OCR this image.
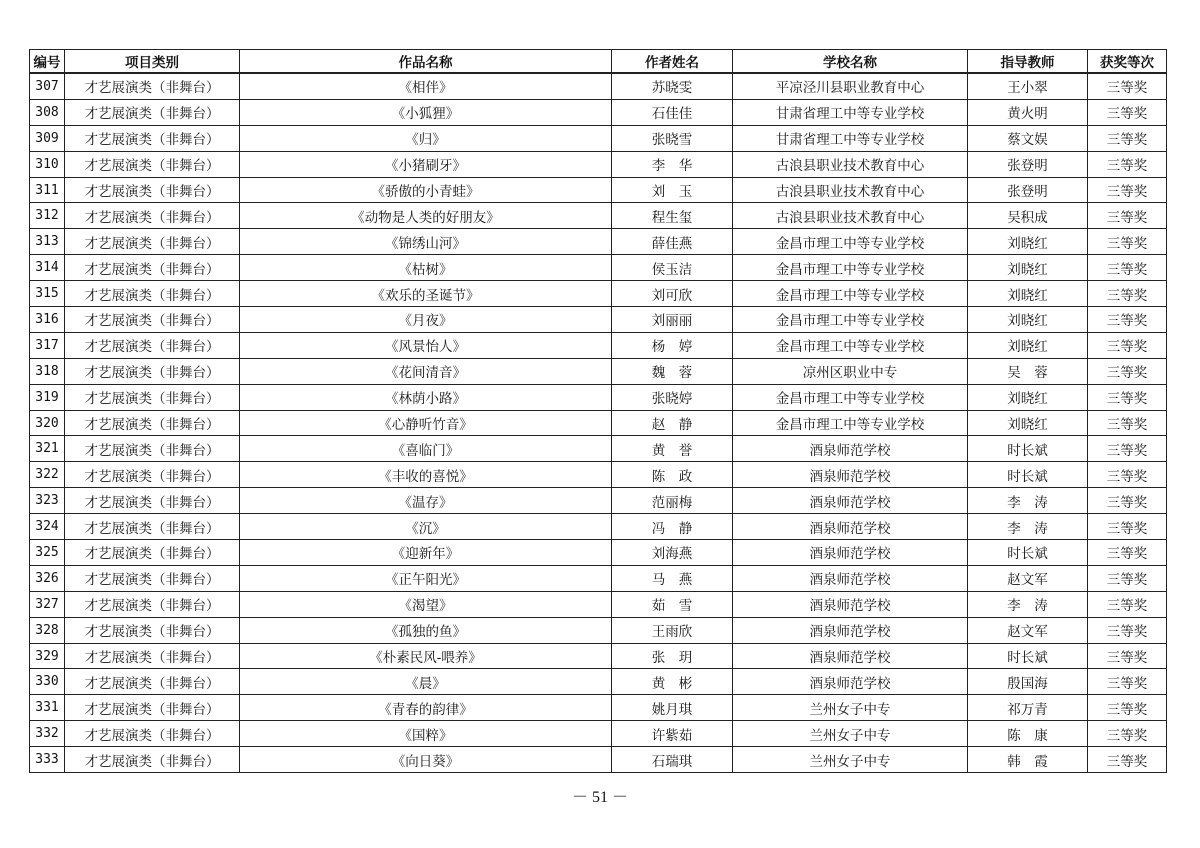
编号	项目类别	作品名称	作者姓名	学校名称	指导教师	获奖等次
307	才艺展演类（非舞台）	《相伴》	苏晓雯	平凉泾川县职业教育中心	王小翠	三等奖
308	才艺展演类（非舞台）	《小狐狸》	石佳佳	甘肃省理工中等专业学校	黄火明	三等奖
309	才艺展演类（非舞台）	《归》	张晓雪	甘肃省理工中等专业学校	蔡文娱	三等奖
310	才艺展演类（非舞台）	《小猪刷牙》	李　华	古浪县职业技术教育中心	张登明	三等奖
311	才艺展演类（非舞台）	《骄傲的小青蛙》	刘　玉	古浪县职业技术教育中心	张登明	三等奖
312	才艺展演类（非舞台）	《动物是人类的好朋友》	程生玺	古浪县职业技术教育中心	吴积成	三等奖
313	才艺展演类（非舞台）	《锦绣山河》	薛佳燕	金昌市理工中等专业学校	刘晓红	三等奖
314	才艺展演类（非舞台）	《枯树》	侯玉洁	金昌市理工中等专业学校	刘晓红	三等奖
315	才艺展演类（非舞台）	《欢乐的圣诞节》	刘可欣	金昌市理工中等专业学校	刘晓红	三等奖
316	才艺展演类（非舞台）	《月夜》	刘丽丽	金昌市理工中等专业学校	刘晓红	三等奖
317	才艺展演类（非舞台）	《风景怡人》	杨　婷	金昌市理工中等专业学校	刘晓红	三等奖
318	才艺展演类（非舞台）	《花间清音》	魏　蓉	凉州区职业中专	吴　蓉	三等奖
319	才艺展演类（非舞台）	《林荫小路》	张晓婷	金昌市理工中等专业学校	刘晓红	三等奖
320	才艺展演类（非舞台）	《心静听竹音》	赵　静	金昌市理工中等专业学校	刘晓红	三等奖
321	才艺展演类（非舞台）	《喜临门》	黄　誉	酒泉师范学校	时长斌	三等奖
322	才艺展演类（非舞台）	《丰收的喜悦》	陈　政	酒泉师范学校	时长斌	三等奖
323	才艺展演类（非舞台）	《温存》	范丽梅	酒泉师范学校	李　涛	三等奖
324	才艺展演类（非舞台）	《沉》	冯　静	酒泉师范学校	李　涛	三等奖
325	才艺展演类（非舞台）	《迎新年》	刘海燕	酒泉师范学校	时长斌	三等奖
326	才艺展演类（非舞台）	《正午阳光》	马　燕	酒泉师范学校	赵文军	三等奖
327	才艺展演类（非舞台）	《渴望》	茹　雪	酒泉师范学校	李　涛	三等奖
328	才艺展演类（非舞台）	《孤独的鱼》	王雨欣	酒泉师范学校	赵文军	三等奖
329	才艺展演类（非舞台）	《朴素民风-喂养》	张　玥	酒泉师范学校	时长斌	三等奖
330	才艺展演类（非舞台）	《晨》	黄　彬	酒泉师范学校	殷国海	三等奖
331	才艺展演类（非舞台）	《青春的韵律》	姚月琪	兰州女子中专	祁万青	三等奖
332	才艺展演类（非舞台）	《国粹》	许紫茹	兰州女子中专	陈　康	三等奖
333	才艺展演类（非舞台）	《向日葵》	石瑞琪	兰州女子中专	韩　霞	三等奖
－ 51 －
